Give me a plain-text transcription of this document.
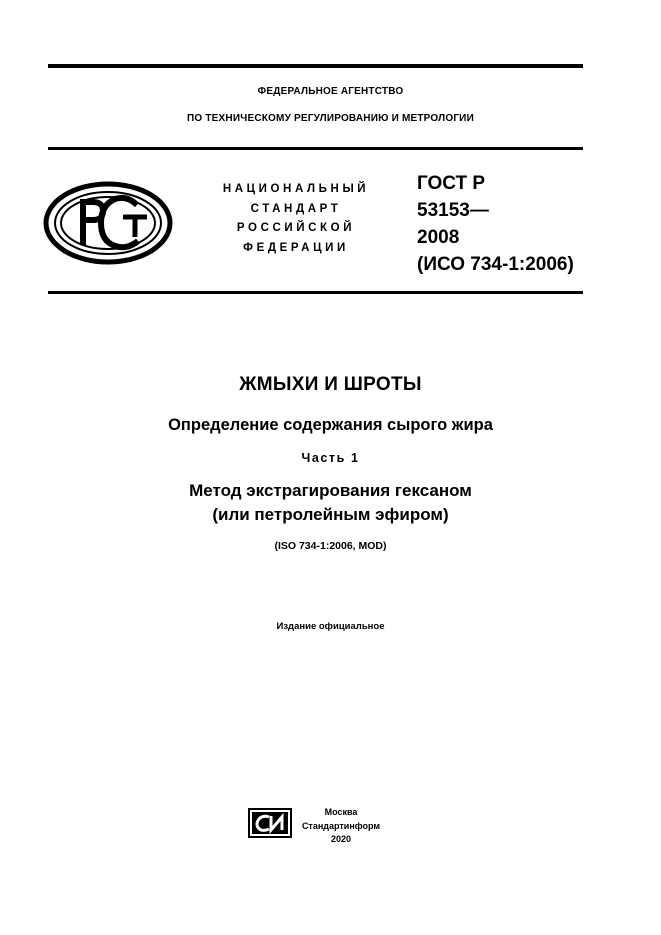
ФЕДЕРАЛЬНОЕ АГЕНТСТВО
ПО ТЕХНИЧЕСКОМУ РЕГУЛИРОВАНИЮ И МЕТРОЛОГИИ
НАЦИОНАЛЬНЫЙ
СТАНДАРТ
РОССИЙСКОЙ
ФЕДЕРАЦИИ
ГОСТ Р
53153—
2008
(ИСО 734-1:2006)
ЖМЫХИ И ШРОТЫ
Определение содержания сырого жира
Часть 1
Метод экстрагирования гексаном
(или петролейным эфиром)
(ISO 734-1:2006, MOD)
Издание официальное
Москва
Стандартинформ
2020
